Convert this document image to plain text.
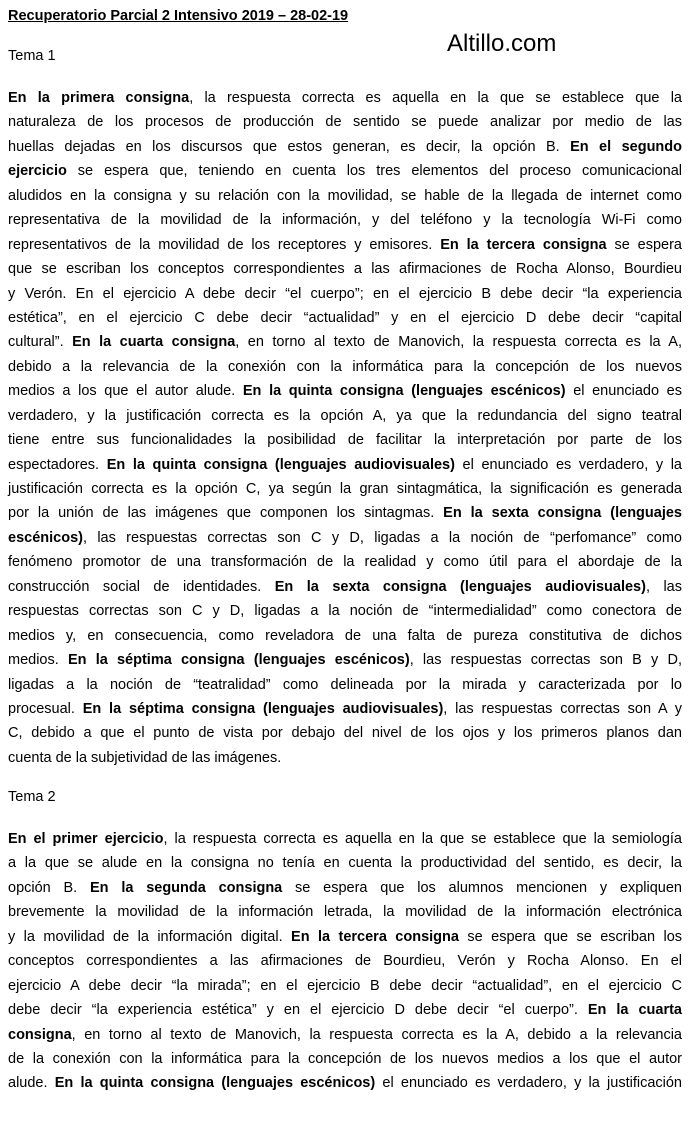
Recuperatorio Parcial 2 Intensivo 2019 – 28-02-19
Altillo.com
Tema 1
En la primera consigna, la respuesta correcta es aquella en la que se establece que la
naturaleza de los procesos de producción de sentido se puede analizar por medio de las
huellas dejadas en los discursos que estos generan, es decir, la opción B. En el segundo
ejercicio se espera que, teniendo en cuenta los tres elementos del proceso comunicacional
aludidos en la consigna y su relación con la movilidad, se hable de la llegada de internet como
representativa de la movilidad de la información, y del teléfono y la tecnología Wi-Fi como
representativos de la movilidad de los receptores y emisores. En la tercera consigna se espera
que se escriban los conceptos correspondientes a las afirmaciones de Rocha Alonso, Bourdieu
y Verón. En el ejercicio A debe decir “el cuerpo”; en el ejercicio B debe decir “la experiencia
estética”, en el ejercicio C debe decir “actualidad” y en el ejercicio D debe decir “capital
cultural”. En la cuarta consigna, en torno al texto de Manovich, la respuesta correcta es la A,
debido a la relevancia de la conexión con la informática para la concepción de los nuevos
medios a los que el autor alude. En la quinta consigna (lenguajes escénicos) el enunciado es
verdadero, y la justificación correcta es la opción A, ya que la redundancia del signo teatral
tiene entre sus funcionalidades la posibilidad de facilitar la interpretación por parte de los
espectadores. En la quinta consigna (lenguajes audiovisuales) el enunciado es verdadero, y la
justificación correcta es la opción C, ya según la gran sintagmática, la significación es generada
por la unión de las imágenes que componen los sintagmas. En la sexta consigna (lenguajes
escénicos), las respuestas correctas son C y D, ligadas a la noción de “perfomance” como
fenómeno promotor de una transformación de la realidad y como útil para el abordaje de la
construcción social de identidades. En la sexta consigna (lenguajes audiovisuales), las
respuestas correctas son C y D, ligadas a la noción de “intermedialidad” como conectora de
medios y, en consecuencia, como reveladora de una falta de pureza constitutiva de dichos
medios. En la séptima consigna (lenguajes escénicos), las respuestas correctas son B y D,
ligadas a la noción de “teatralidad” como delineada por la mirada y caracterizada por lo
procesual. En la séptima consigna (lenguajes audiovisuales), las respuestas correctas son A y
C, debido a que el punto de vista por debajo del nivel de los ojos y los primeros planos dan
cuenta de la subjetividad de las imágenes.
Tema 2
En el primer ejercicio, la respuesta correcta es aquella en la que se establece que la semiología
a la que se alude en la consigna no tenía en cuenta la productividad del sentido, es decir, la
opción B. En la segunda consigna se espera que los alumnos mencionen y expliquen
brevemente la movilidad de la información letrada, la movilidad de la información electrónica
y la movilidad de la información digital. En la tercera consigna se espera que se escriban los
conceptos correspondientes a las afirmaciones de Bourdieu, Verón y Rocha Alonso. En el
ejercicio A debe decir “la mirada”; en el ejercicio B debe decir “actualidad”, en el ejercicio C
debe decir “la experiencia estética” y en el ejercicio D debe decir “el cuerpo”. En la cuarta
consigna, en torno al texto de Manovich, la respuesta correcta es la A, debido a la relevancia
de la conexión con la informática para la concepción de los nuevos medios a los que el autor
alude. En la quinta consigna (lenguajes escénicos) el enunciado es verdadero, y la justificación
